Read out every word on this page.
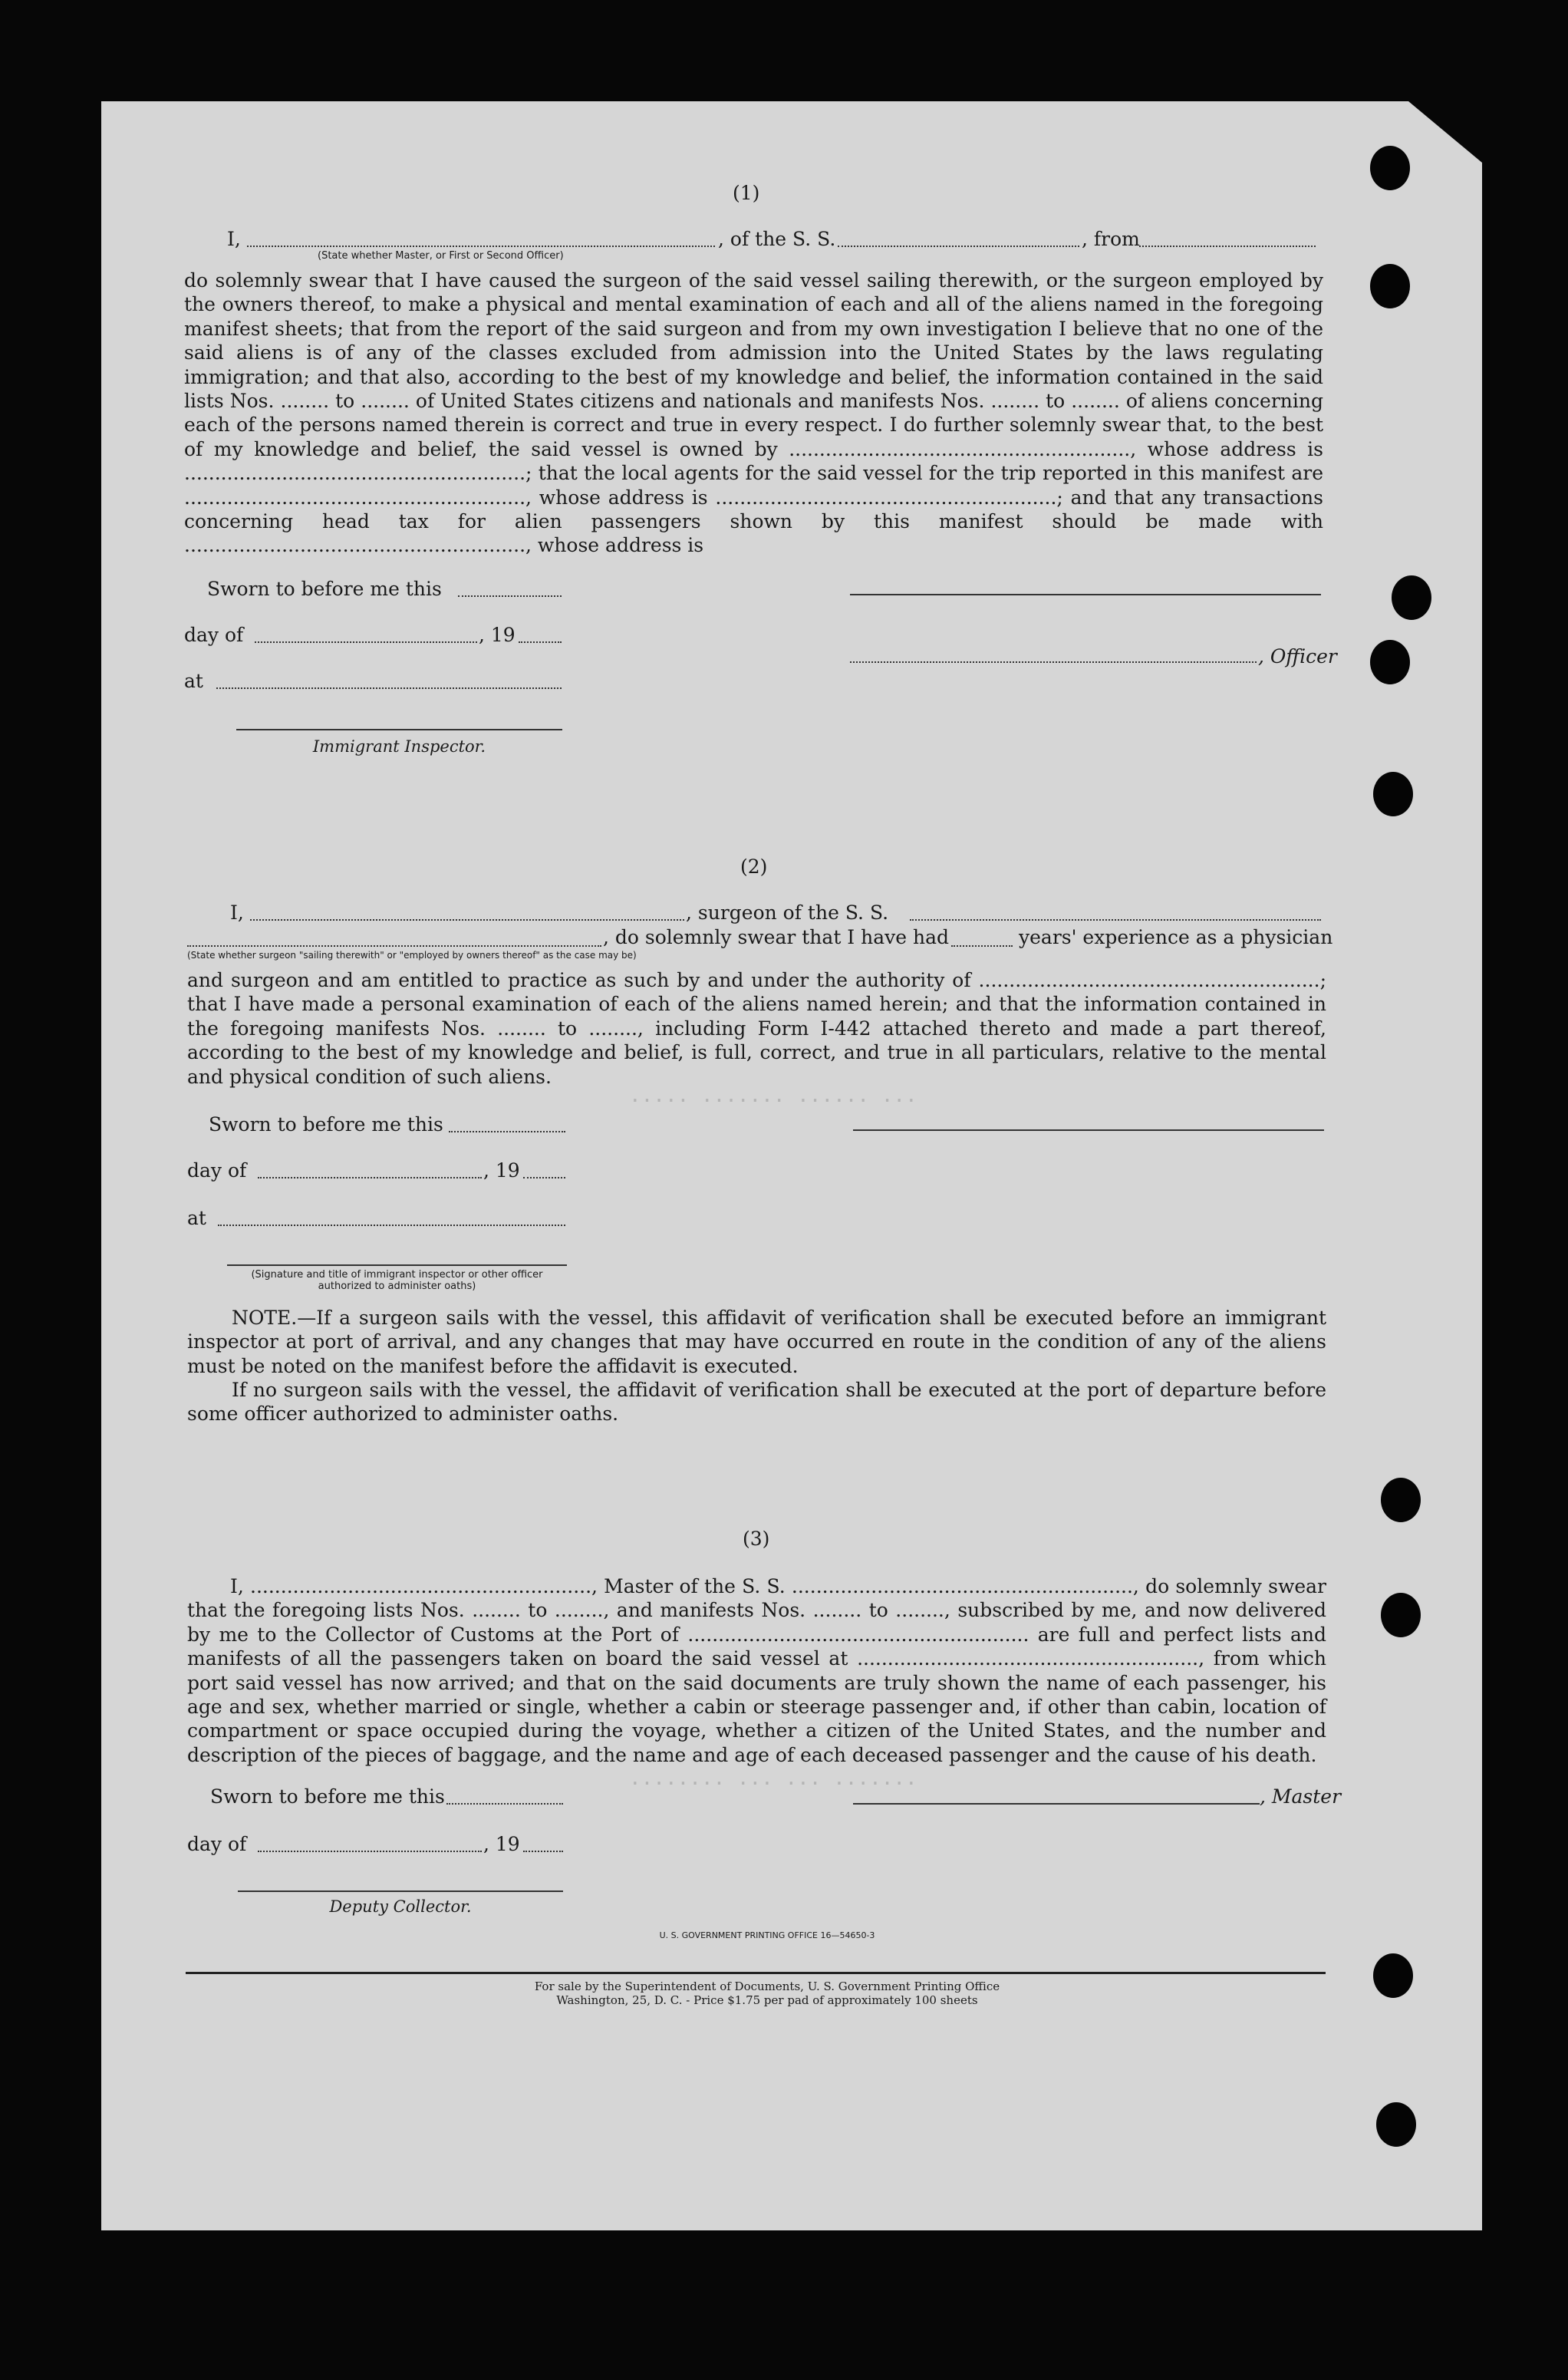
····· ······· ······ ···
········ ··· ··· ·······
(1)
I,	, of the S. S.	, from
(State whether Master, or First or Second Officer)
do solemnly swear that I have caused the surgeon of the said vessel sailing therewith, or the surgeon employed by the owners thereof, to make a physical and mental examination of each and all of the aliens named in the foregoing manifest sheets; that from the report of the said surgeon and from my own investigation I believe that no one of the said aliens is of any of the classes excluded from admission into the United States by the laws regulating immigration; and that also, according to the best of my knowledge and belief, the information contained in the said lists Nos. ........ to ........ of United States citizens and nationals and manifests Nos. ........ to ........ of aliens concerning each of the persons named therein is correct and true in every respect. I do further solemnly swear that, to the best of my knowledge and belief, the said vessel is owned by ........................................................, whose address is ........................................................; that the local agents for the said vessel for the trip reported in this manifest are ........................................................, whose address is ........................................................; and that any transactions concerning head tax for alien passengers shown by this manifest should be made with ........................................................, whose address is
Sworn to before me this
day of	, 19
, Officer
at
Immigrant Inspector.
(2)
I,	, surgeon of the S. S.
, do solemnly swear that I have had	years' experience as a physician
(State whether surgeon "sailing therewith" or "employed by owners thereof" as the case may be)
and surgeon and am entitled to practice as such by and under the authority of ........................................................; that I have made a personal examination of each of the aliens named herein; and that the information contained in the foregoing manifests Nos. ........ to ........, including Form I-442 attached thereto and made a part thereof, according to the best of my knowledge and belief, is full, correct, and true in all particulars, relative to the mental and physical condition of such aliens.
Sworn to before me this
day of	, 19
at
(Signature and title of immigrant inspector or other officer authorized to administer oaths)
NOTE.—If a surgeon sails with the vessel, this affidavit of verification shall be executed before an immigrant inspector at port of arrival, and any changes that may have occurred en route in the condition of any of the aliens must be noted on the manifest before the affidavit is executed.
If no surgeon sails with the vessel, the affidavit of verification shall be executed at the port of departure before some officer authorized to administer oaths.
(3)
I, ........................................................, Master of the S. S. ........................................................, do solemnly swear that the foregoing lists Nos. ........ to ........, and manifests Nos. ........ to ........, subscribed by me, and now delivered by me to the Collector of Customs at the Port of ........................................................ are full and perfect lists and manifests of all the passengers taken on board the said vessel at ........................................................, from which port said vessel has now arrived; and that on the said documents are truly shown the name of each passenger, his age and sex, whether married or single, whether a cabin or steerage passenger and, if other than cabin, location of compartment or space occupied during the voyage, whether a citizen of the United States, and the number and description of the pieces of baggage, and the name and age of each deceased passenger and the cause of his death.
Sworn to before me this	, Master
day of	, 19
Deputy Collector.
U. S. GOVERNMENT PRINTING OFFICE 16—54650-3
For sale by the Superintendent of Documents, U. S. Government Printing Office
Washington, 25, D. C. - Price $1.75 per pad of approximately 100 sheets
